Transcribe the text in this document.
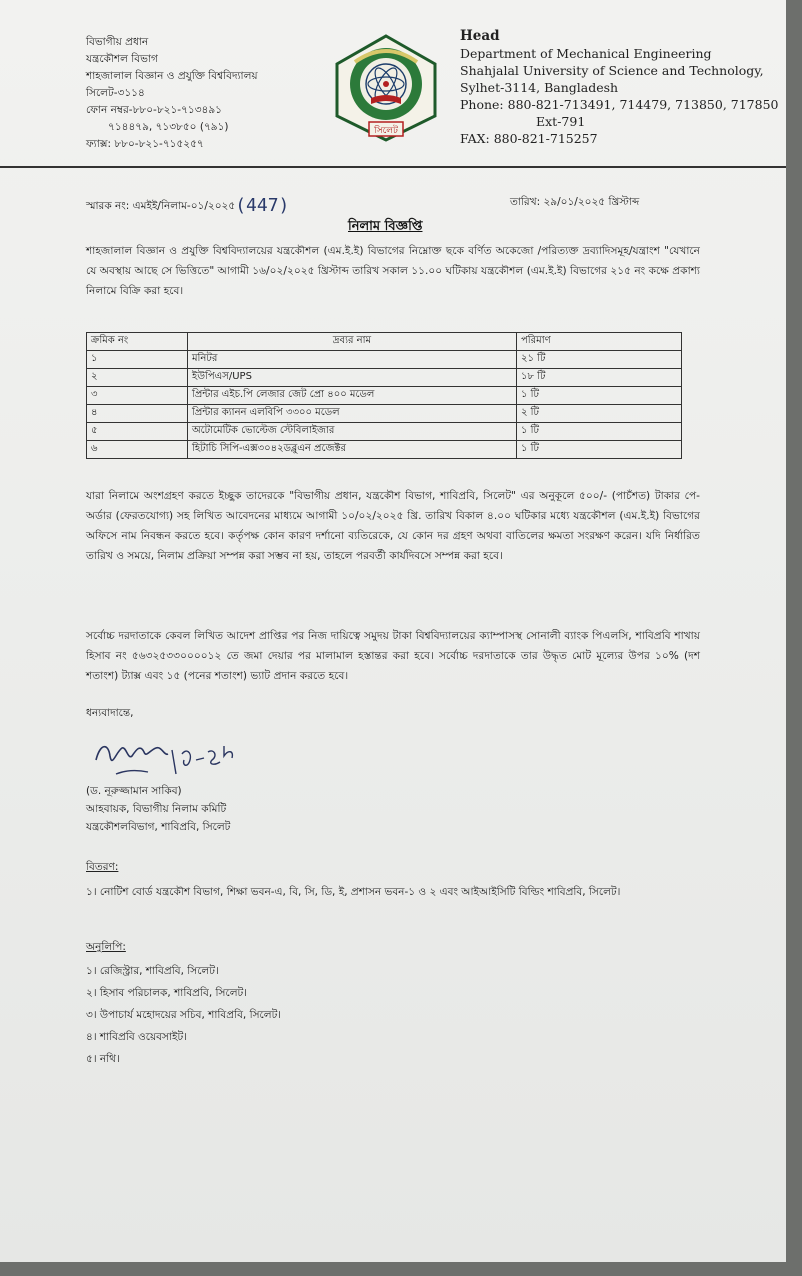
বিভাগীয় প্রধান
যন্ত্রকৌশল বিভাগ
শাহজালাল বিজ্ঞান ও প্রযুক্তি বিশ্ববিদ্যালয়
সিলেট-৩১১৪
ফোন নম্বর-৮৮০-৮২১-৭১৩৪৯১
৭১৪৪৭৯, ৭১৩৮৫০ (৭৯১)
ফ্যাক্স: ৮৮০-৮২১-৭১৫২৫৭
সিলেট
Head
Department of Mechanical Engineering
Shahjalal University of Science and Technology,
Sylhet-3114, Bangladesh
Phone: 880-821-713491, 714479, 713850, 717850
Ext-791
FAX: 880-821-715257
স্মারক নং: এমইই/নিলাম-০১/২০২৫(447)	তারিখ: ২৯/০১/২০২৫ খ্রিস্টাব্দ
নিলাম বিজ্ঞপ্তি
শাহজালাল বিজ্ঞান ও প্রযুক্তি বিশ্ববিদ্যালয়ের যন্ত্রকৌশল (এম.ই.ই) বিভাগের নিম্নোক্ত ছকে বর্ণিত অকেজো /পরিত্যক্ত দ্রব্যাদিসমূহ/যন্ত্রাংশ "যেখানে যে অবস্থায় আছে সে ভিত্তিতে" আগামী ১৬/০২/২০২৫ খ্রিস্টাব্দ তারিখ সকাল ১১.০০ ঘটিকায় যন্ত্রকৌশল (এম.ই.ই) বিভাগের ২১৫ নং কক্ষে প্রকাশ্য নিলামে বিক্রি করা হবে।
ক্রমিক নং	দ্রব্যর নাম	পরিমাণ
১	মনিটর	২১ টি
২	ইউপিএস/UPS	১৮ টি
৩	প্রিন্টার এইচ.পি লেজার জেট প্রো ৪০০ মডেল	১ টি
৪	প্রিন্টার ক্যানন এলবিপি ৩৩০০ মডেল	২ টি
৫	অটোমেটিক ভোল্টেজ স্টেবিলাইজার	১ টি
৬	হিটাচি সিপি-এক্স৩০৪২ডব্লুএন প্রজেক্টর	১ টি
যারা নিলামে অংশগ্রহণ করতে ইচ্ছুক তাদেরকে "বিভাগীয় প্রধান, যন্ত্রকৌশ বিভাগ, শাবিপ্রবি, সিলেট" এর অনুকূলে ৫০০/- (পাচঁশত) টাকার পে-অর্ডার (ফেরতযোগ্য) সহ লিখিত আবেদনের মাধ্যমে আগামী ১০/০২/২০২৫ খ্রি. তারিখ বিকাল ৪.০০ ঘটিকার মধ্যে যন্ত্রকৌশল (এম.ই.ই) বিভাগের অফিসে নাম নিবন্ধন করতে হবে। কর্তৃপক্ষ কোন কারণ দর্শানো ব্যতিরেকে, যে কোন দর গ্রহণ অথবা বাতিলের ক্ষমতা সংরক্ষণ করেন। যদি নির্ধারিত তারিখ ও সময়ে, নিলাম প্রক্রিয়া সম্পন্ন করা সম্ভব না হয়, তাহলে পরবর্তী কার্যদিবসে সম্পন্ন করা হবে।
সর্বোচ্চ দরদাতাকে কেবল লিখিত আদেশ প্রাপ্তির পর নিজ দায়িত্বে সমুদয় টাকা বিশ্ববিদ্যালয়ের ক্যাম্পাসস্থ সোনালী ব্যাংক পিএলসি, শাবিপ্রবি শাখায় হিসাব নং ৫৬৩২৫৩৩০০০০১২ তে জমা দেয়ার পর মালামাল হস্তান্তর করা হবে। সর্বোচ্চ দরদাতাকে তার উদ্ধৃত মোট মূল্যের উপর ১০% (দশ শতাংশ) ট্যাক্স এবং ১৫ (পনের শতাংশ) ভ্যাট প্রদান করতে হবে।
ধন্যবাদান্তে,
(ড. নূরুজ্জামান সাকিব)
আহবায়ক, বিভাগীয় নিলাম কমিটি
যন্ত্রকৌশলবিভাগ, শাবিপ্রবি, সিলেট
বিতরণ:
১। নোটিশ বোর্ড যন্ত্রকৌশ বিভাগ, শিক্ষা ভবন-এ, বি, সি, ডি, ই, প্রশাসন ভবন-১ ও ২ এবং আইআইসিটি বিল্ডিং শাবিপ্রবি, সিলেট।
অনুলিপি:
১। রেজিস্ট্রার, শাবিপ্রবি, সিলেট।
২। হিসাব পরিচালক, শাবিপ্রবি, সিলেট।
৩। উপাচার্য মহোদয়ের সচিব, শাবিপ্রবি, সিলেট।
৪। শাবিপ্রবি ওয়েবসাইট।
৫। নথি।
